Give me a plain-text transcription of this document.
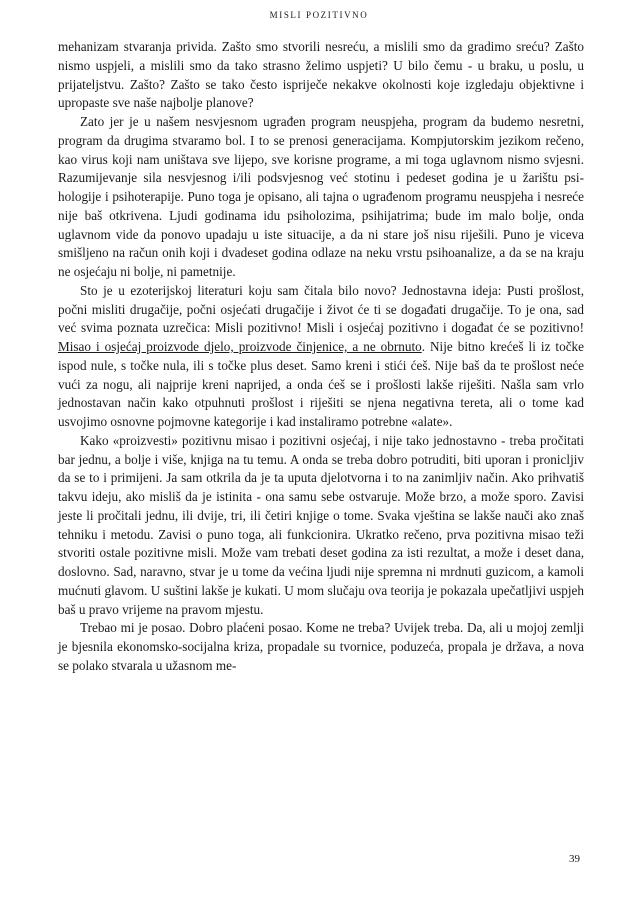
MISLI POZITIVNO

mehanizam stvaranja privida. Zašto smo stvorili nesreću, a mislili smo da gradimo sreću? Zašto nismo uspjeli, a mislili smo da tako strasno želimo uspjeti? U bilo čemu - u braku, u poslu, u prijateljstvu. Zašto? Zašto se tako često ispriječe nekakve okolnosti koje izgledaju objektivne i upropaste sve naše najbolje planove?

Zato jer je u našem nesvjesnom ugrađen program neuspjeha, program da budemo nesretni, program da drugima stvaramo bol. I to se prenosi generacijama. Kompjutorskim jezikom rečeno, kao virus koji nam uništava sve lijepo, sve korisne programe, a mi toga uglavnom nismo svjesni. Razumijevanje sila nesvjesnog i/ili podsvjesnog već stotinu i pedeset godina je u žarištu psihologije i psihoterapije. Puno toga je opisano, ali tajna o ugrađenom programu neuspjeha i nesreće nije baš otkrivena. Ljudi godinama idu psiholozima, psihijatrima; bude im malo bolje, onda uglavnom vide da ponovo upadaju u iste situacije, a da ni stare još nisu riješili. Puno je viceva smišljeno na račun onih koji i dvadeset godina odlaze na neku vrstu psihoanalize, a da se na kraju ne osjećaju ni bolje, ni pametnije.

Sto je u ezoterijskoj literaturi koju sam čitala bilo novo? Jednostavna ideja: Pusti prošlost, počni misliti drugačije, počni osjećati drugačije i život će ti se događati drugačije. To je ona, sad već svima poznata uzrečica: Misli pozitivno! Misli i osjećaj pozitivno i događat će se pozitivno! Misao i osjećaj proizvode djelo, proizvode činjenice, a ne obrnuto. Nije bitno krećeš li iz točke ispod nule, s točke nula, ili s točke plus deset. Samo kreni i stići ćeš. Nije baš da te prošlost neće vući za nogu, ali najprije kreni naprijed, a onda ćeš se i prošlosti lakše riješiti. Našla sam vrlo jednostavan način kako otpuhnuti prošlost i riješiti se njena negativna tereta, ali o tome kad usvojimo osnovne pojmovne kategorije i kad instaliramo potrebne «alate».

Kako «proizvesti» pozitivnu misao i pozitivni osjećaj, i nije tako jednostavno - treba pročitati bar jednu, a bolje i više, knjiga na tu temu. A onda se treba dobro potruditi, biti uporan i pronicljiv da se to i primijeni. Ja sam otkrila da je ta uputa djelotvorna i to na zanimljiv način. Ako prihvatiš takvu ideju, ako misliš da je istinita - ona samu sebe ostvaruje. Može brzo, a može sporo. Zavisi jeste li pročitali jednu, ili dvije, tri, ili četiri knjige o tome. Svaka vještina se lakše nauči ako znaš tehniku i metodu. Zavisi o puno toga, ali funkcionira. Ukratko rečeno, prva pozitivna misao teži stvoriti ostale pozitivne misli. Može vam trebati deset godina za isti rezultat, a može i deset dana, doslovno. Sad, naravno, stvar je u tome da većina ljudi nije spremna ni mrdnuti guzicom, a kamoli mućnuti glavom. U suštini lakše je kukati. U mom slučaju ova teorija je pokazala upečatljivi uspjeh baš u pravo vrijeme na pravom mjestu.

Trebao mi je posao. Dobro plaćeni posao. Kome ne treba? Uvijek treba. Da, ali u mojoj zemlji je bjesnila ekonomsko-socijalna kriza, propadale su tvornice, poduzeća, propala je država, a nova se polako stvarala u užasnom me-

39
